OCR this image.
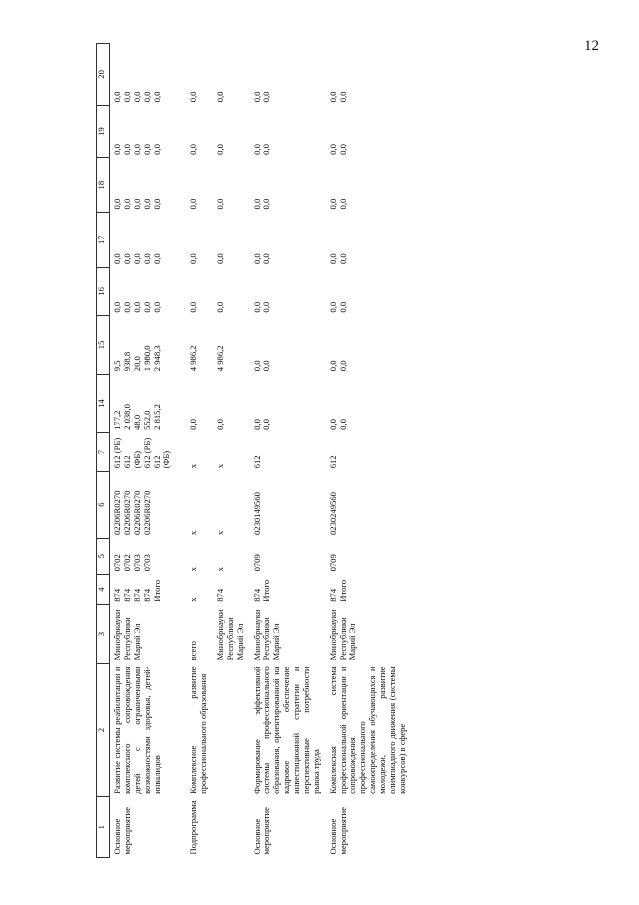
12
1	2	3	4	5	6	7	14	15	16	17	18	19	20
Основное мероприятие	Развитие системы реабилитации и комплексного сопровождения детей с ограниченными возможностями здоровья, детей-инвалидов	Минобрнауки Республики Марий Эл	874 874 874 874 Итого	0702 0702 0703 0703	02206R0270 02206R0270 02206R0270 02206R0270	612 (РБ) 612 (ФБ) 612 (РБ) 612 (ФБ)	177,2 2 038,0 48,0 552,0 2 815,2	9,5 938,8 20,0 1 980,0 2 948,3	0,0 0,0 0,0 0,0 0,0	0,0 0,0 0,0 0,0 0,0	0,0 0,0 0,0 0,0 0,0	0,0 0,0 0,0 0,0 0,0	0,0 0,0 0,0 0,0 0,0

Подпрограмма	Комплексное развитие профессионального образования	всего	х	х	х	х	0,0	4 986,2	0,0	0,0	0,0	0,0	0,0

		Минобрнауки Республики Марий Эл	874	х	х	х	0,0	4 986,2	0,0	0,0	0,0	0,0	0,0

Основное мероприятие	Формирование эффективной системы профессионального образования, ориентированной на кадровое обеспечение инвестиционной стратегии и перспективные потребности рынка труда	Минобрнауки Республики Марий Эл	874 Итого	0709	0230149560	612	0,0 0,0	0,0 0,0	0,0 0,0	0,0 0,0	0,0 0,0	0,0 0,0	0,0 0,0

Основное мероприятие	Комплексная система профессиональной ориентации и сопровождения профессионального самоопределения обучающихся и молодежи, развитие олимпиадного движения (системы конкурсов) в сфере	Минобрнауки Республики Марий Эл	874 Итого	0709	0230249560	612	0,0 0,0	0,0 0,0	0,0 0,0	0,0 0,0	0,0 0,0	0,0 0,0	0,0 0,0
